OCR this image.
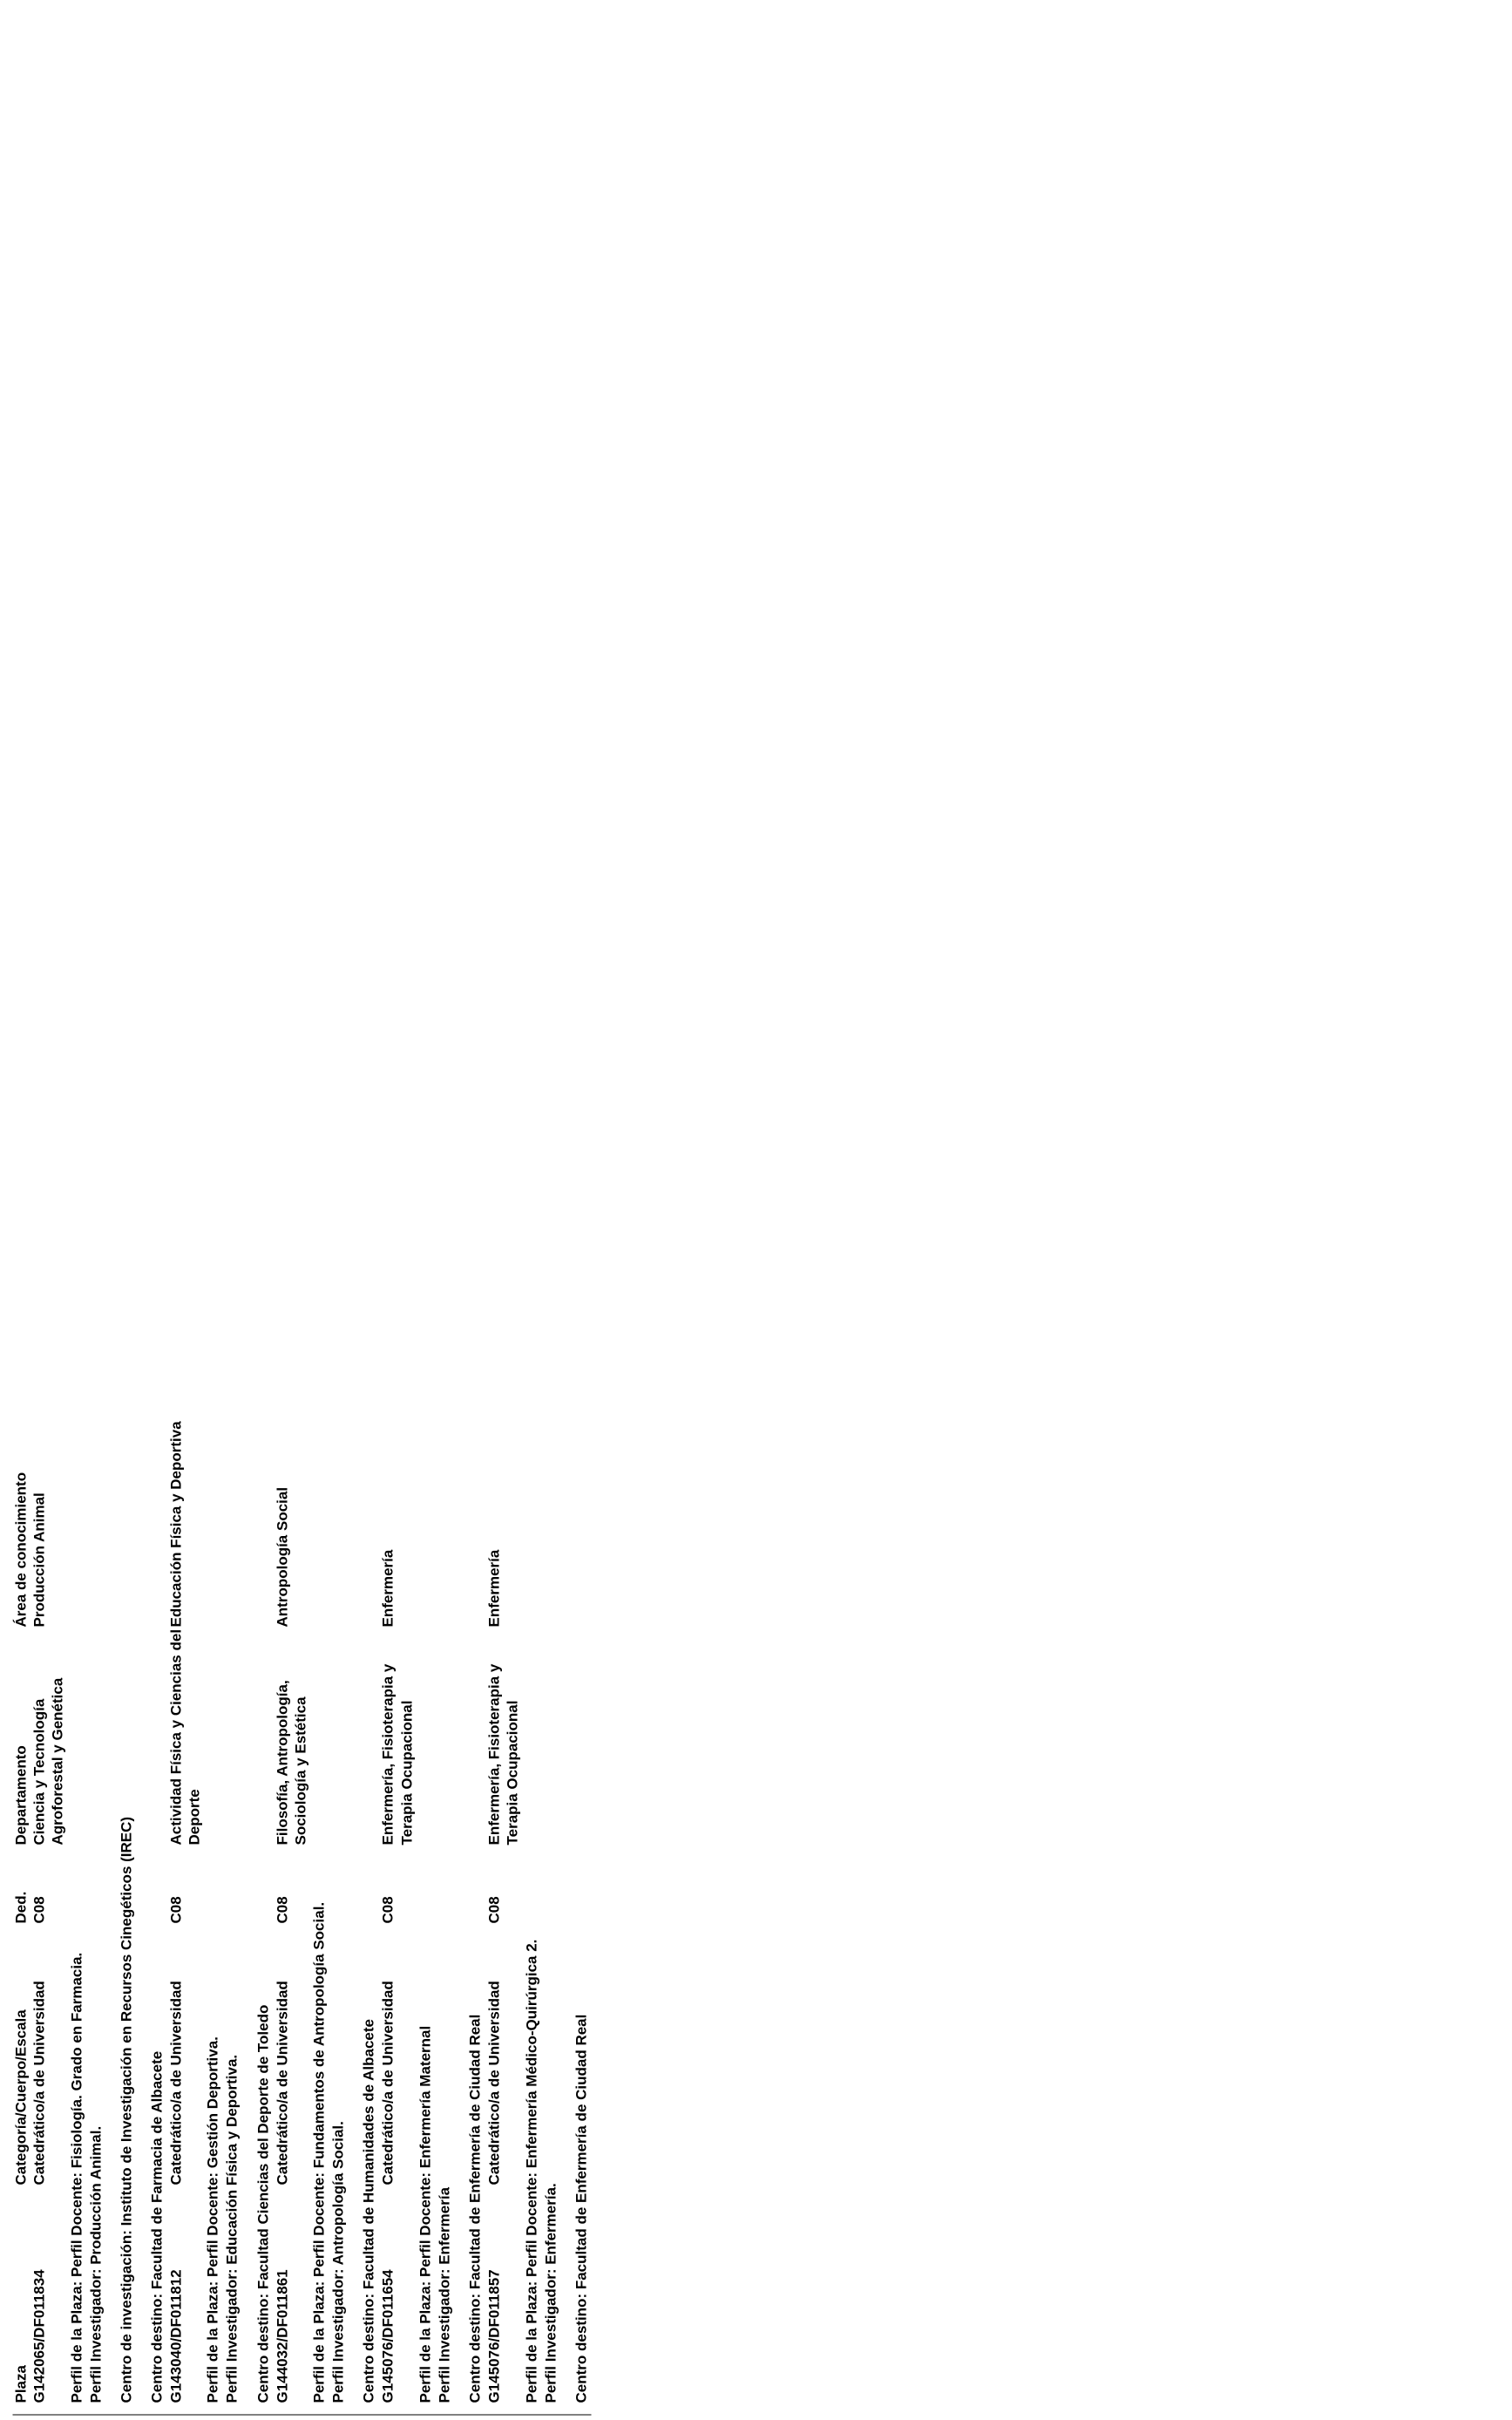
Plaza	Categoría/Cuerpo/Escala	Ded.	Departamento	Área de conocimiento	
G142065/DF011834	Catedrático/a de Universidad	C08	Ciencia y Tecnología Agroforestal y Genética	Producción Animal	

Perfil de la Plaza: Perfil Docente: Fisiología. Grado en Farmacia. Perfil Investigador: Producción Animal. Centro de investigación: Instituto de Investigación en Recursos Cinegéticos (IREC) Centro destino: Facultad de Farmacia de Albacete					

G143040/DF011812	Catedrático/a de Universidad	C08	Actividad Física y Ciencias del Deporte	Educación Física y Deportiva	

Perfil de la Plaza: Perfil Docente: Gestión Deportiva. Perfil Investigador: Educación Física y Deportiva. Centro destino: Facultad Ciencias del Deporte de Toledo					

G144032/DF011861	Catedrático/a de Universidad	C08	Filosofía, Antropología, Sociología y Estética	Antropología Social	

Perfil de la Plaza: Perfil Docente: Fundamentos de Antropología Social. Perfil Investigador: Antropología Social. Centro destino: Facultad de Humanidades de Albacete					

G145076/DF011654	Catedrático/a de Universidad	C08	Enfermería, Fisioterapia y Terapia Ocupacional	Enfermería	

Perfil de la Plaza: Perfil Docente: Enfermería Maternal Perfil Investigador: Enfermería Centro destino: Facultad de Enfermería de Ciudad Real					

G145076/DF011857	Catedrático/a de Universidad	C08	Enfermería, Fisioterapia y Terapia Ocupacional	Enfermería	

Perfil de la Plaza: Perfil Docente: Enfermería Médico-Quirúrgica 2. Perfil Investigador: Enfermería. Centro destino: Facultad de Enfermería de Ciudad Real					
